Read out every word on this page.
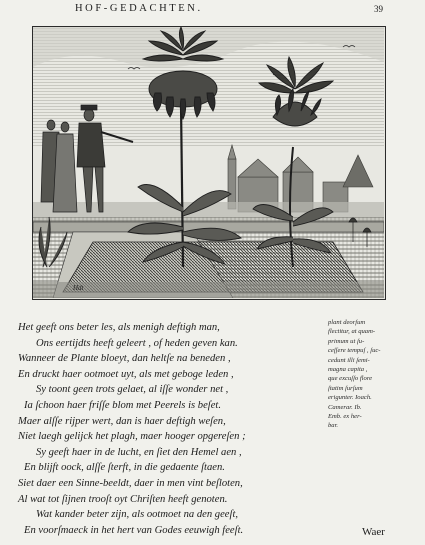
HOF-GEDACHTEN.	39
Hdt
Het geeft ons beter les, als menigh deftigh man,
Ons eertijdts heeft geleert , of heden geven kan.
Wanneer de Plante bloeyt, dan heltſe na beneden ,
En druckt haer ootmoet uyt, als met geboge leden ,
Sy toont geen trots gelaet, al iſſe wonder net ,
Ia ſchoon haer friſſe blom met Peerels is beſet.
Maer alſſe rijper wert, dan is haer deftigh weſen,
Niet laegh gelijck het plagh, maer hooger opgereſen ;
Sy geeft haer in de lucht, en ſiet den Hemel aen ,
En blijft oock, alſſe ſterft, in die gedaente ſtaen.
Siet daer een Sinne-beeldt, daer in men vint beſloten,
Al wat tot ſijnen trooſt oyt Chriſten heeft genoten.
Wat kander beter zijn, als ootmoet na den geeſt,
En voorſmaeck in het hert van Godes eeuwigh feeſt.
plant deorſum
flectitur, at quam-
primum ut ſu-
ceſſere tempuſ , ſuc-
cedunt illi ſemi-
magna capita ,
que excuſſo flore
ſtatim ſurſum
erigunter. Ioach.
Camerar. Ib.
Emb. ex her-
bar.
Waer
